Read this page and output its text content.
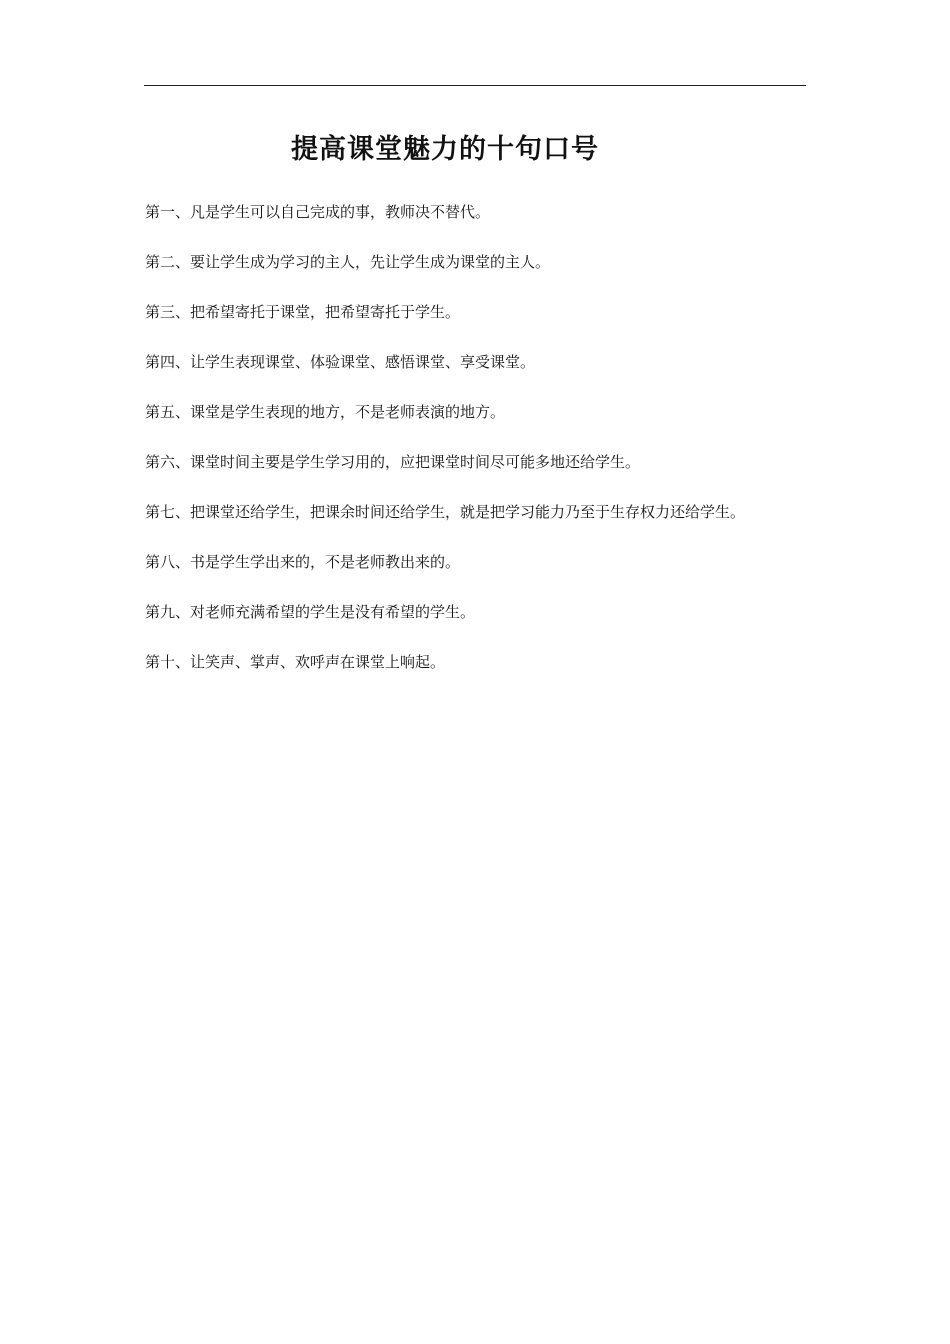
提高课堂魅力的十句口号
第一、凡是学生可以自己完成的事，教师决不替代。
第二、要让学生成为学习的主人，先让学生成为课堂的主人。
第三、把希望寄托于课堂，把希望寄托于学生。
第四、让学生表现课堂、体验课堂、感悟课堂、享受课堂。
第五、课堂是学生表现的地方，不是老师表演的地方。
第六、课堂时间主要是学生学习用的，应把课堂时间尽可能多地还给学生。
第七、把课堂还给学生，把课余时间还给学生，就是把学习能力乃至于生存权力还给学生。
第八、书是学生学出来的，不是老师教出来的。
第九、对老师充满希望的学生是没有希望的学生。
第十、让笑声、掌声、欢呼声在课堂上响起。
